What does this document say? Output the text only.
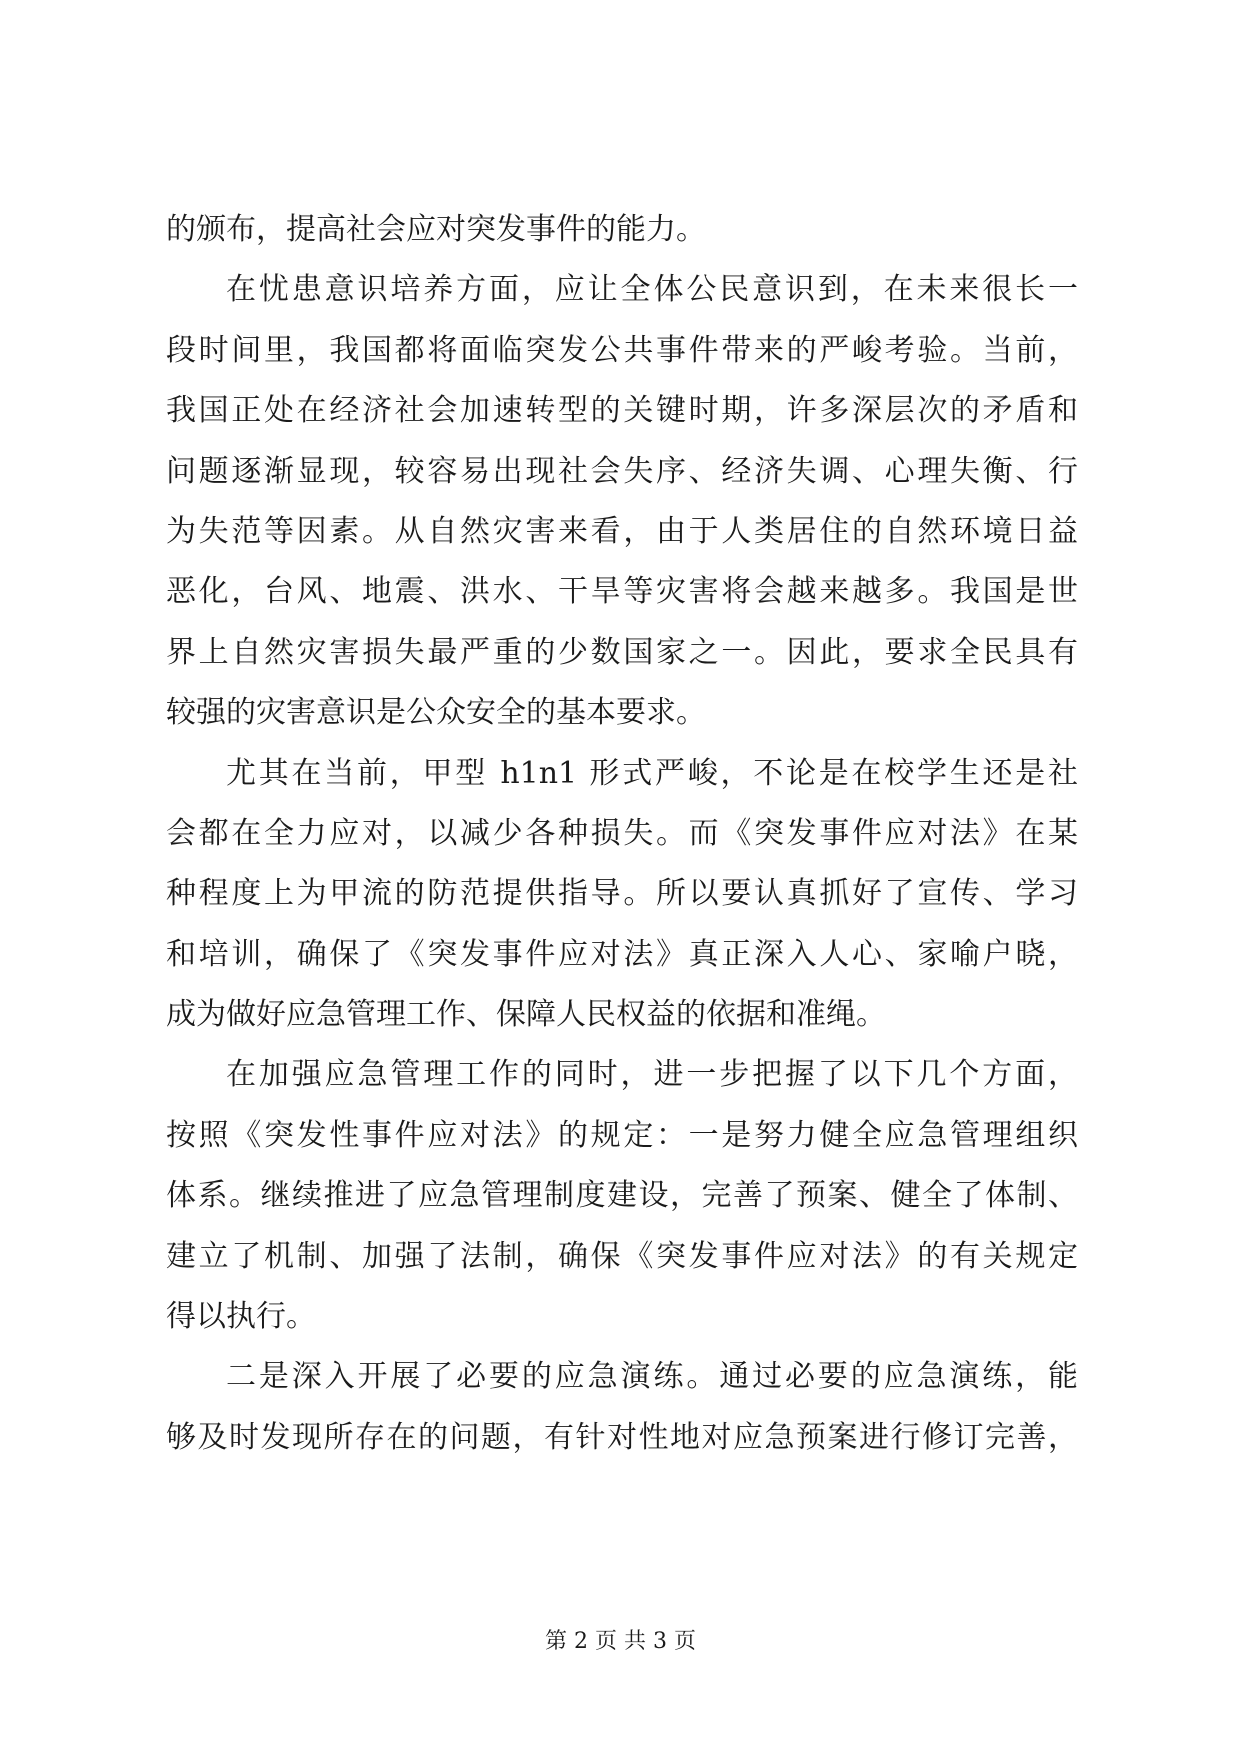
的颁布，提高社会应对突发事件的能力。
在忧患意识培养方面，应让全体公民意识到，在未来很长一
段时间里，我国都将面临突发公共事件带来的严峻考验。当前，
我国正处在经济社会加速转型的关键时期，许多深层次的矛盾和
问题逐渐显现，较容易出现社会失序、经济失调、心理失衡、行
为失范等因素。从自然灾害来看，由于人类居住的自然环境日益
恶化，台风、地震、洪水、干旱等灾害将会越来越多。我国是世
界上自然灾害损失最严重的少数国家之一。因此，要求全民具有
较强的灾害意识是公众安全的基本要求。
尤其在当前，甲型 h1n1 形式严峻，不论是在校学生还是社
会都在全力应对，以减少各种损失。而《突发事件应对法》在某
种程度上为甲流的防范提供指导。所以要认真抓好了宣传、学习
和培训，确保了《突发事件应对法》真正深入人心、家喻户晓，
成为做好应急管理工作、保障人民权益的依据和准绳。
在加强应急管理工作的同时，进一步把握了以下几个方面，
按照《突发性事件应对法》的规定：一是努力健全应急管理组织
体系。继续推进了应急管理制度建设，完善了预案、健全了体制、
建立了机制、加强了法制，确保《突发事件应对法》的有关规定
得以执行。
二是深入开展了必要的应急演练。通过必要的应急演练，能
够及时发现所存在的问题，有针对性地对应急预案进行修订完善，
第 2 页 共 3 页
